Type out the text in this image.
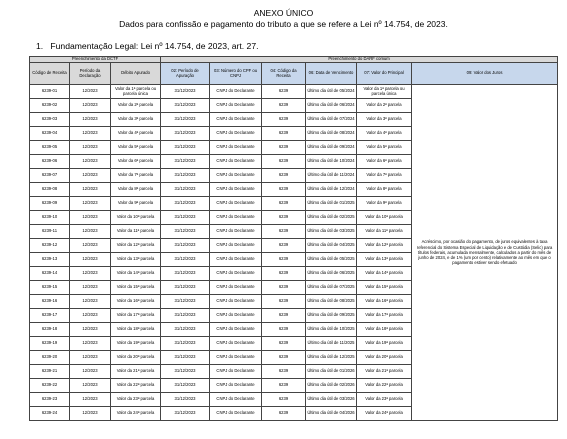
ANEXO ÚNICO
Dados para confissão e pagamento do tributo a que se refere a Lei nº 14.754, de 2023.
1. Fundamentação Legal: Lei nº 14.754, de 2023, art. 27.
Preenchimento da DCTF			Preenchimento do DARF comum					
Código de Receita	Período da Declaração	Débito Apurado	02: Período de Apuração	03: Número do CPF ou CNPJ	04: Código da Receita	06: Data de Vencimento	07: Valor do Principal	09: Valor dos Juros
6239-01	12/2023	Valor da 1ª parcela ou parcela única	31/12/2023	CNPJ do Declarante	6239	Último dia útil de 05/2024	Valor da 1ª parcela ou parcela única	Acréscimo, por ocasião do pagamento, de juros equivalentes à taxa referencial do Sistema Especial de Liquidação e de Custódia (Selic) para títulos federais, acumulada mensalmente, calculados a partir do mês de junho de 2024, e de 1% (um por cento) relativamente ao mês em que o pagamento estiver sendo efetuado
6239-02	12/2023	Valor da 2ª parcela	31/12/2023	CNPJ do Declarante	6239	Último dia útil de 06/2024	Valor da 2ª parcela	
6239-03	12/2023	Valor da 3ª parcela	31/12/2023	CNPJ do Declarante	6239	Último dia útil de 07/2024	Valor da 3ª parcela	
6239-04	12/2023	Valor da 4ª parcela	31/12/2023	CNPJ do Declarante	6239	Último dia útil de 08/2024	Valor da 4ª parcela	
6239-05	12/2023	Valor da 5ª parcela	31/12/2023	CNPJ do Declarante	6239	Último dia útil de 09/2024	Valor da 5ª parcela	
6239-06	12/2023	Valor da 6ª parcela	31/12/2023	CNPJ do Declarante	6239	Último dia útil de 10/2024	Valor da 6ª parcela	
6239-07	12/2023	Valor da 7ª parcela	31/12/2023	CNPJ do Declarante	6239	Último dia útil de 11/2024	Valor da 7ª parcela	
6239-08	12/2023	Valor da 8ª parcela	31/12/2023	CNPJ do Declarante	6239	Último dia útil de 12/2024	Valor da 8ª parcela	
6239-09	12/2023	Valor da 9ª parcela	31/12/2023	CNPJ do Declarante	6239	Último dia útil de 01/2025	Valor da 9ª parcela	
6239-10	12/2023	Valor da 10ª parcela	31/12/2023	CNPJ do Declarante	6239	Último dia útil de 02/2025	Valor da 10ª parcela	
6239-11	12/2023	Valor da 11ª parcela	31/12/2023	CNPJ do Declarante	6239	Último dia útil de 03/2025	Valor da 11ª parcela	
6239-12	12/2023	Valor da 12ª parcela	31/12/2023	CNPJ do Declarante	6239	Último dia útil de 04/2025	Valor da 12ª parcela	
6239-13	12/2023	Valor da 13ª parcela	31/12/2023	CNPJ do Declarante	6239	Último dia útil de 05/2025	Valor da 13ª parcela	
6239-14	12/2023	Valor da 14ª parcela	31/12/2023	CNPJ do Declarante	6239	Último dia útil de 06/2025	Valor da 14ª parcela	
6239-15	12/2023	Valor da 15ª parcela	31/12/2023	CNPJ do Declarante	6239	Último dia útil de 07/2025	Valor da 15ª parcela	
6239-16	12/2023	Valor da 16ª parcela	31/12/2023	CNPJ do Declarante	6239	Último dia útil de 08/2025	Valor da 16ª parcela	
6239-17	12/2023	Valor da 17ª parcela	31/12/2023	CNPJ do Declarante	6239	Último dia útil de 09/2025	Valor da 17ª parcela	
6239-18	12/2023	Valor da 18ª parcela	31/12/2023	CNPJ do Declarante	6239	Último dia útil de 10/2025	Valor da 18ª parcela	
6239-19	12/2023	Valor da 19ª parcela	31/12/2023	CNPJ do Declarante	6239	Último dia útil de 11/2025	Valor da 19ª parcela	
6239-20	12/2023	Valor da 20ª parcela	31/12/2023	CNPJ do Declarante	6239	Último dia útil de 12/2025	Valor da 20ª parcela	
6239-21	12/2023	Valor da 21ª parcela	31/12/2023	CNPJ do Declarante	6239	Último dia útil de 01/2026	Valor da 21ª parcela	
6239-22	12/2023	Valor da 22ª parcela	31/12/2023	CNPJ do Declarante	6239	Último dia útil de 02/2026	Valor da 22ª parcela	
6239-23	12/2023	Valor da 23ª parcela	31/12/2023	CNPJ do Declarante	6239	Último dia útil de 03/2026	Valor da 23ª parcela	
6239-24	12/2023	Valor da 24ª parcela	31/12/2023	CNPJ do Declarante	6239	Último dia útil de 04/2026	Valor da 24ª parcela	
